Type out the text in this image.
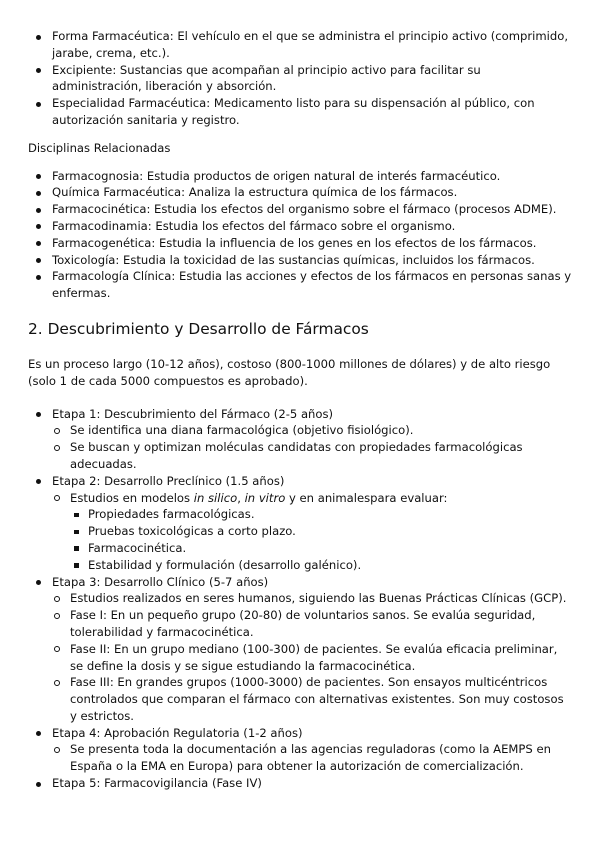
Forma Farmacéutica: El vehículo en el que se administra el principio activo (comprimido, jarabe, crema, etc.).
Excipiente: Sustancias que acompañan al principio activo para facilitar su administración, liberación y absorción.
Especialidad Farmacéutica: Medicamento listo para su dispensación al público, con autorización sanitaria y registro.

Disciplinas Relacionadas

Farmacognosia: Estudia productos de origen natural de interés farmacéutico.
Química Farmacéutica: Analiza la estructura química de los fármacos.
Farmacocinética: Estudia los efectos del organismo sobre el fármaco (procesos ADME).
Farmacodinamia: Estudia los efectos del fármaco sobre el organismo.
Farmacogenética: Estudia la influencia de los genes en los efectos de los fármacos.
Toxicología: Estudia la toxicidad de las sustancias químicas, incluidos los fármacos.
Farmacología Clínica: Estudia las acciones y efectos de los fármacos en personas sanas y enfermas.
2. Descubrimiento y Desarrollo de Fármacos

Es un proceso largo (10-12 años), costoso (800-1000 millones de dólares) y de alto riesgo (solo 1 de cada 5000 compuestos es aprobado).

Etapa 1: Descubrimiento del Fármaco (2-5 años)
Se identifica una diana farmacológica (objetivo fisiológico).
Se buscan y optimizan moléculas candidatas con propiedades farmacológicas adecuadas.
Etapa 2: Desarrollo Preclínico (1.5 años)
Estudios en modelos in silico, in vitro y en animalespara evaluar:
Propiedades farmacológicas.
Pruebas toxicológicas a corto plazo.
Farmacocinética.
Estabilidad y formulación (desarrollo galénico).
Etapa 3: Desarrollo Clínico (5-7 años)
Estudios realizados en seres humanos, siguiendo las Buenas Prácticas Clínicas (GCP).
Fase I: En un pequeño grupo (20-80) de voluntarios sanos. Se evalúa seguridad, tolerabilidad y farmacocinética.
Fase II: En un grupo mediano (100-300) de pacientes. Se evalúa eficacia preliminar, se define la dosis y se sigue estudiando la farmacocinética.
Fase III: En grandes grupos (1000-3000) de pacientes. Son ensayos multicéntricos controlados que comparan el fármaco con alternativas existentes. Son muy costosos y estrictos.
Etapa 4: Aprobación Regulatoria (1-2 años)
Se presenta toda la documentación a las agencias reguladoras (como la AEMPS en España o la EMA en Europa) para obtener la autorización de comercialización.
Etapa 5: Farmacovigilancia (Fase IV)
